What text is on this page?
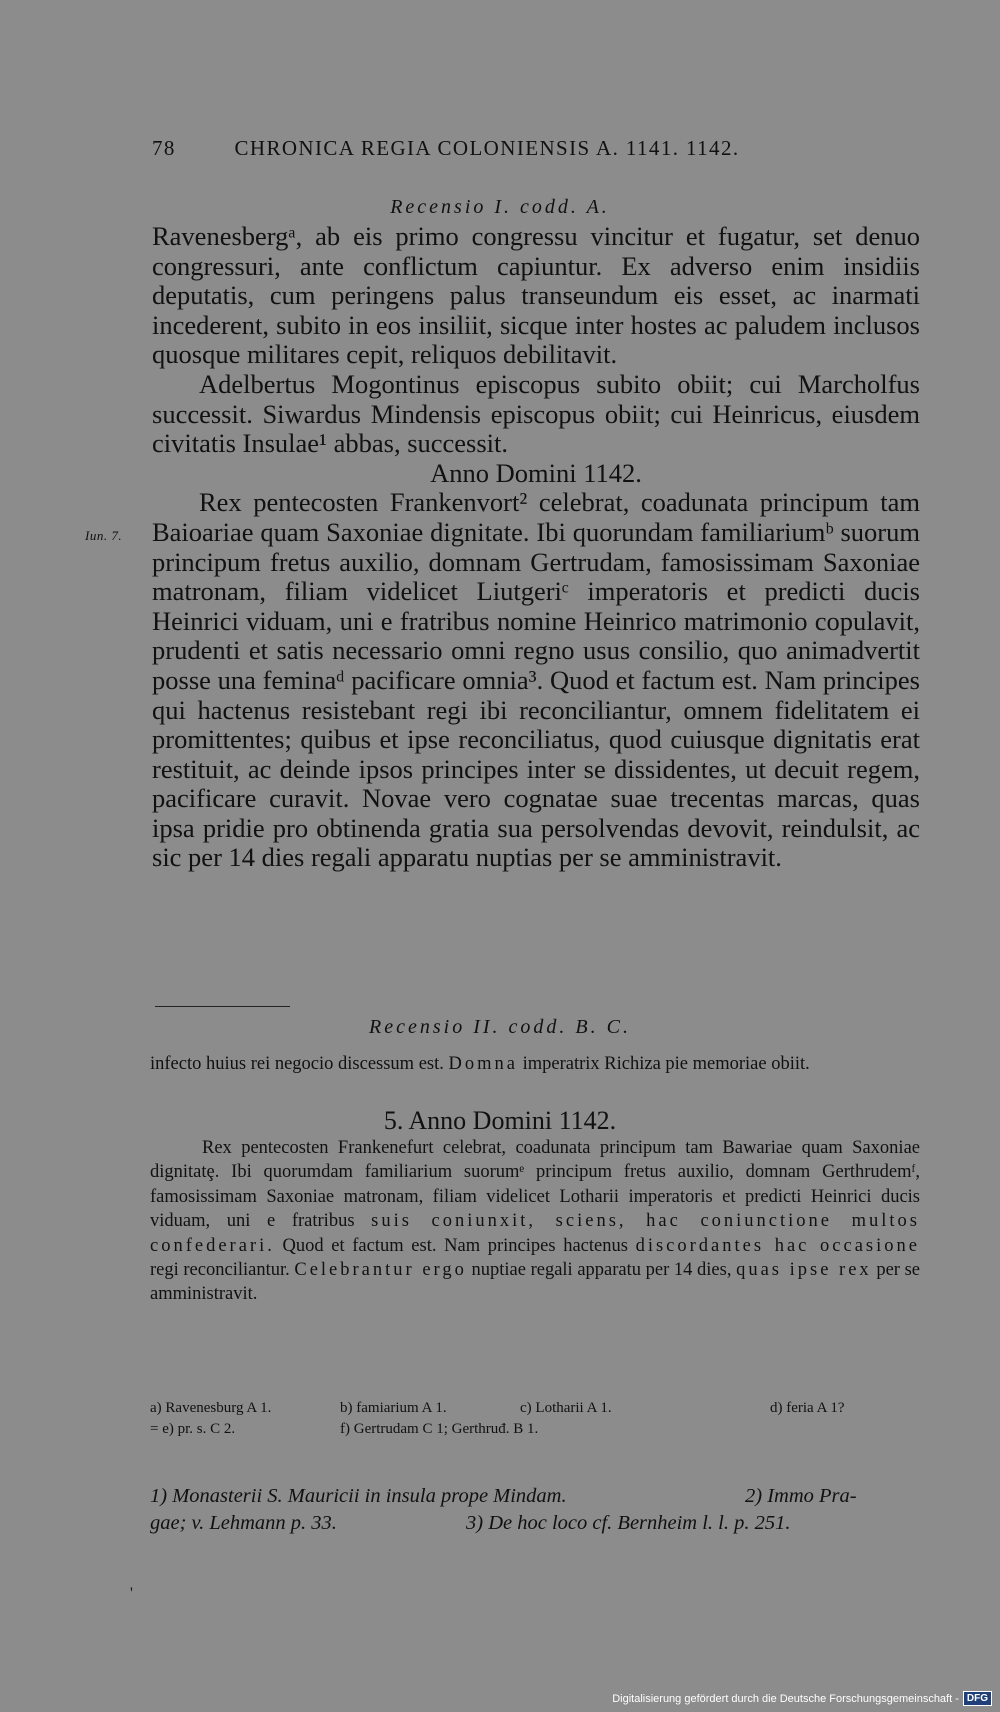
78	CHRONICA REGIA COLONIENSIS A. 1141. 1142.
Recensio I. codd. A.

Ravenesbergᵃ, ab eis primo congressu vincitur et fugatur, set denuo congressuri, ante conflictum capiuntur. Ex adverso enim insidiis deputatis, cum peringens palus transeundum eis esset, ac inarmati incederent, subito in eos insiliit, sicque inter hostes ac paludem inclusos quosque militares cepit, reliquos debilitavit.

Adelbertus Mogontinus episcopus subito obiit; cui Marcholfus successit. Siwardus Mindensis episcopus obiit; cui Heinricus, eiusdem civitatis Insulae¹ abbas, successit.

Anno Domini 1142.

Rex pentecosten Frankenvort² celebrat, coadunata principum tam Baioariae quam Saxoniae dignitate. Ibi quorundam familiariumᵇ suorum principum fretus auxilio, domnam Gertrudam, famosissimam Saxoniae matronam, filiam videlicet Liutgeriᶜ imperatoris et predicti ducis Heinrici viduam, uni e fratribus nomine Heinrico matrimonio copulavit, prudenti et satis necessario omni regno usus consilio, quo animadvertit posse una feminaᵈ pacificare omnia³. Quod et factum est. Nam principes qui hactenus resistebant regi ibi reconciliantur, omnem fidelitatem ei promittentes; quibus et ipse reconciliatus, quod cuiusque dignitatis erat restituit, ac deinde ipsos principes inter se dissidentes, ut decuit regem, pacificare curavit. Novae vero cognatae suae trecentas marcas, quas ipsa pridie pro obtinenda gratia sua persolvendas devovit, reindulsit, ac sic per 14 dies regali apparatu nuptias per se amministravit.

Iun. 7.
Recensio II. codd. B. C.

infecto huius rei negocio discessum est. Domna imperatrix Richiza pie memoriae obiit.

5. Anno Domini 1142.

Rex pentecosten Frankenefurt celebrat, coadunata principum tam Bawariae quam Saxoniae dignitatȩ. Ibi quorumdam familiarium suorumᵉ principum fretus auxilio, domnam Gerthrudemᶠ, famosissimam Saxoniae matronam, filiam videlicet Lotharii imperatoris et predicti Heinrici ducis viduam, uni e fratribus suis coniunxit, sciens, hac coniunctione multos confederari. Quod et factum est. Nam principes hactenus discordantes hac occasione regi reconciliantur. Celebrantur ergo nuptiae regali apparatu per 14 dies, quas ipse rex per se amministravit.

a) Ravenesburg A 1.	b) famiarium A 1.	c) Lotharii A 1.	d) feria A 1?
= e) pr. s. C 2.	f) Gertrudam C 1; Gerthruđ. B 1.
1) Monasterii S. Mauricii in insula prope Mindam.	2) Immo Pra-
gae; v. Lehmann p. 33.	3) De hoc loco cf. Bernheim l. l. p. 251.
'
Digitalisierung gefördert durch die Deutsche Forschungsgemeinschaft - DFG
